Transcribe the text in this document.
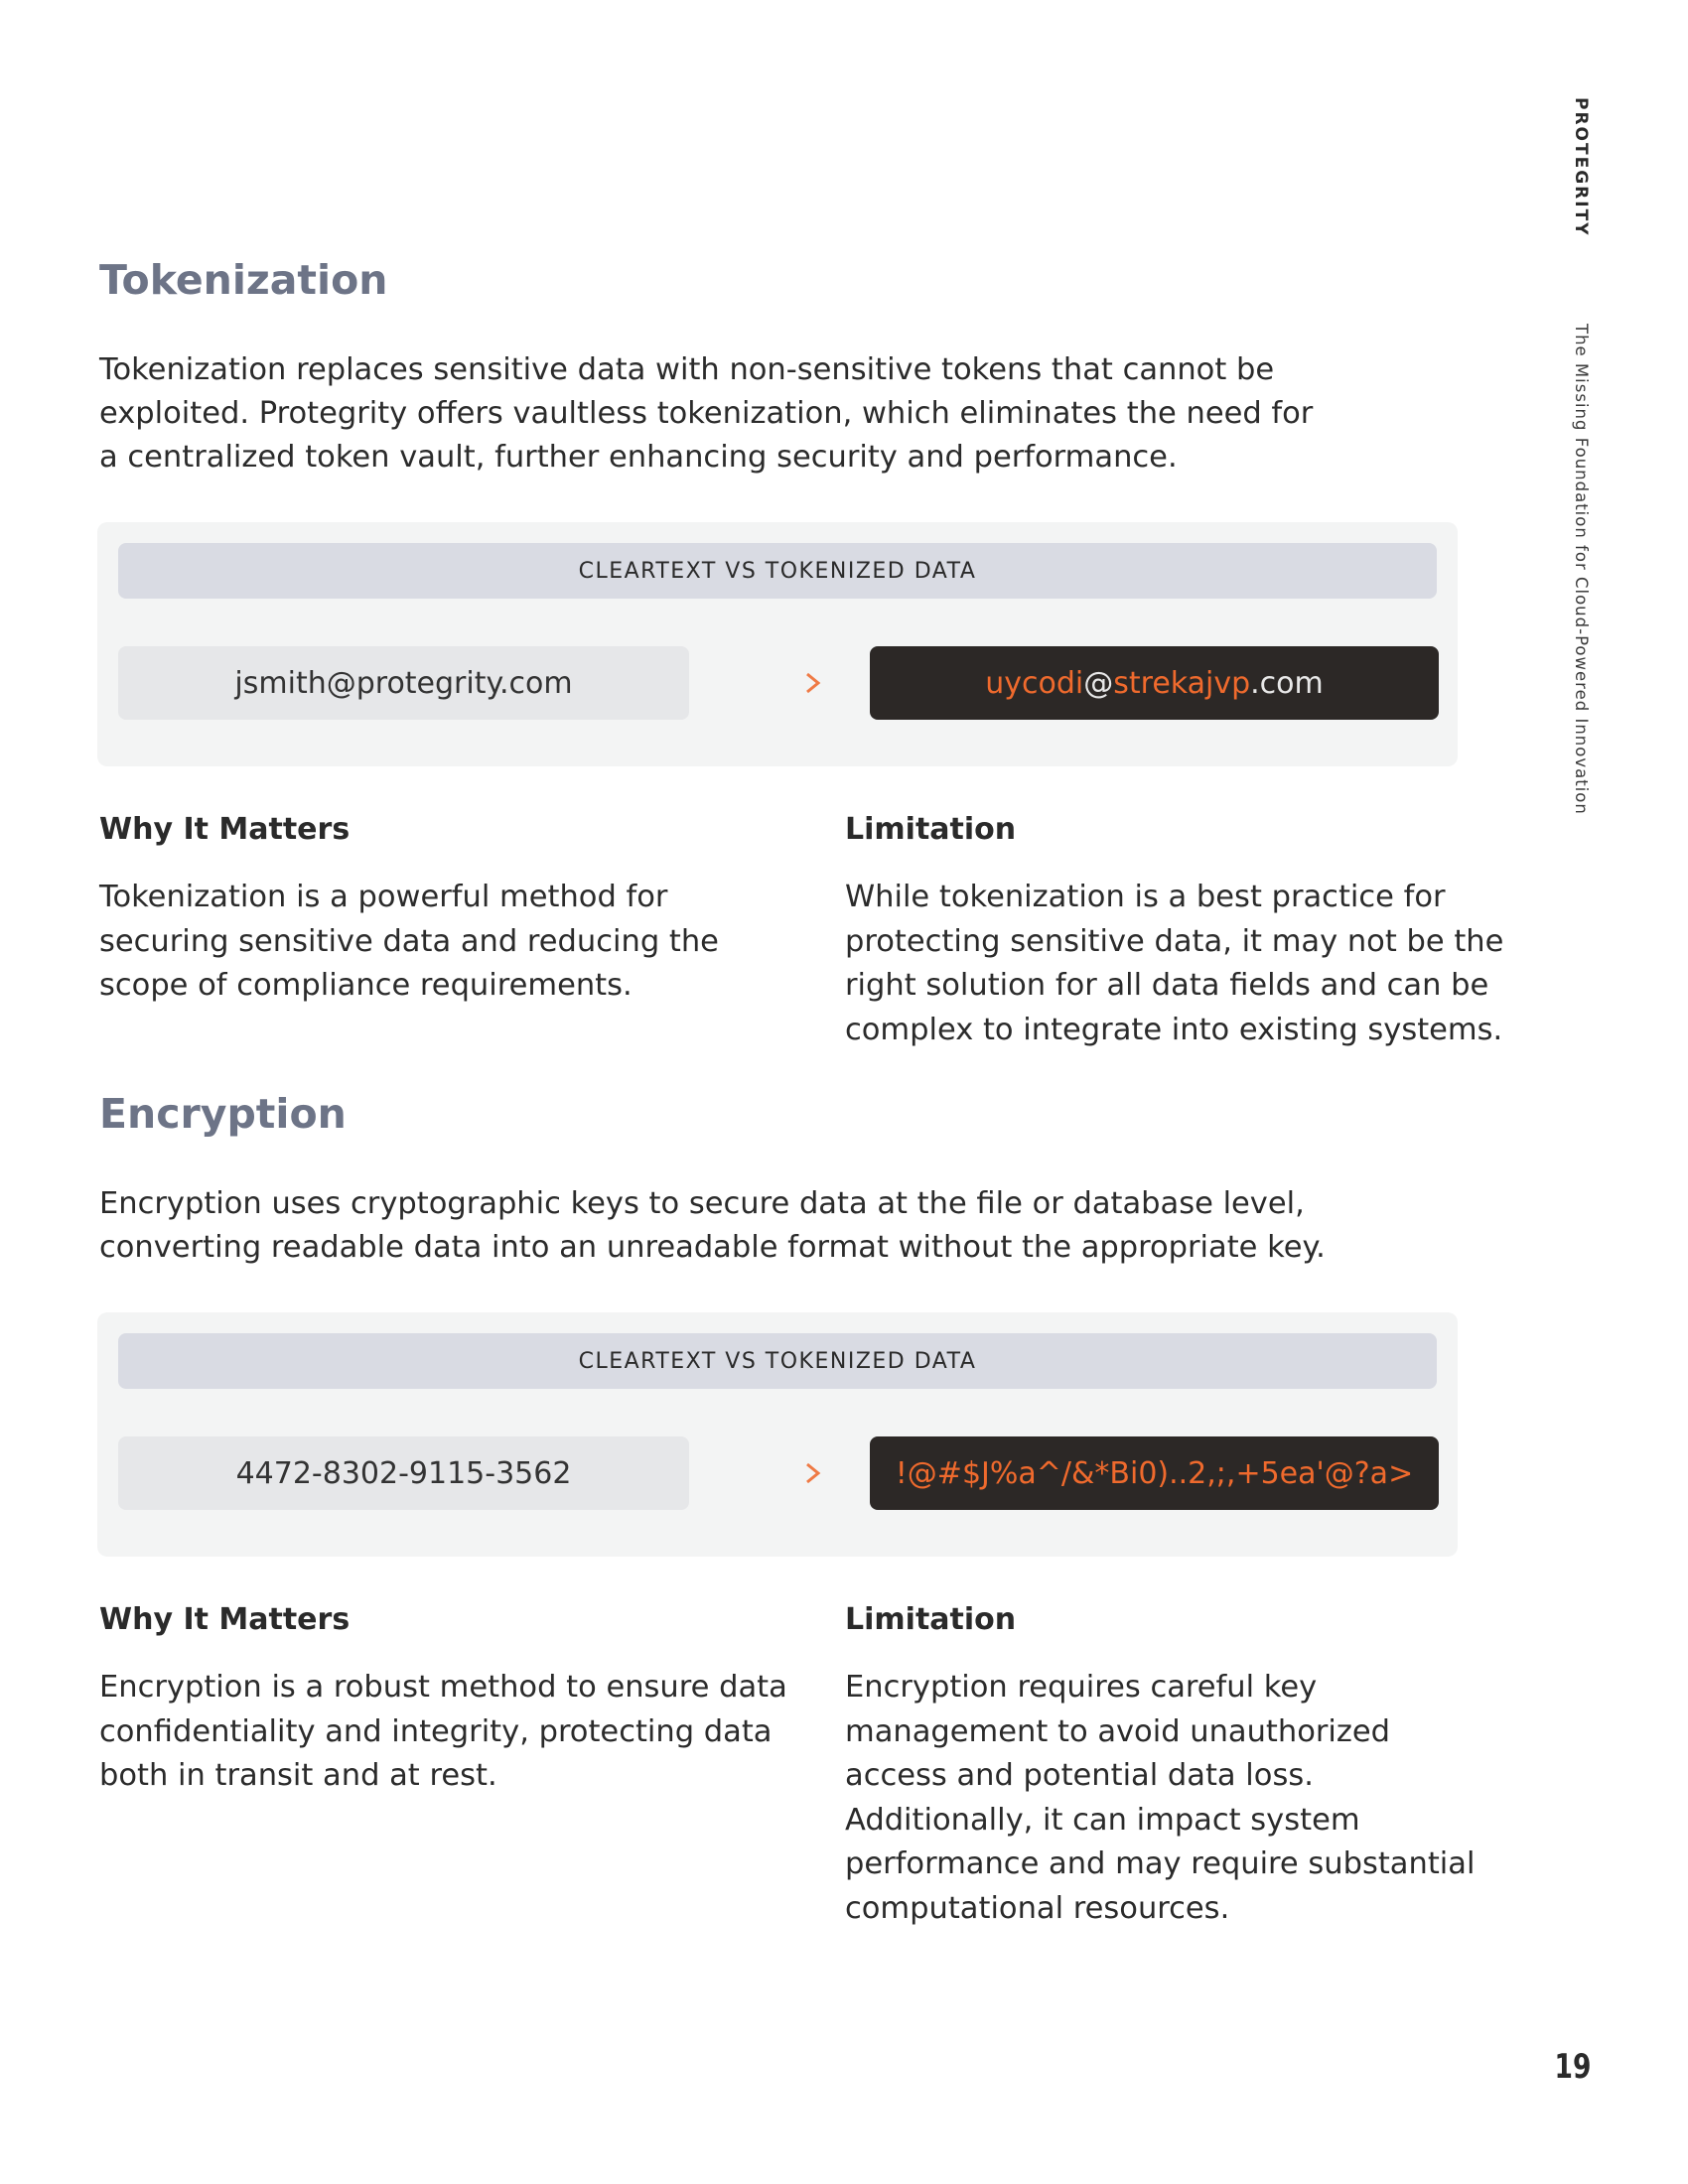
PROTEGRITY
The Missing Foundation for Cloud-Powered Innovation
Tokenization

Tokenization replaces sensitive data with non-sensitive tokens that cannot be
exploited. Protegrity offers vaultless tokenization, which eliminates the need for
a centralized token vault, further enhancing security and performance.

CLEARTEXT VS TOKENIZED DATA
jsmith@protegrity.com	uycodi @ strekajvp .com
Why It Matters

Tokenization is a powerful method for
securing sensitive data and reducing the
scope of compliance requirements.

Limitation

While tokenization is a best practice for
protecting sensitive data, it may not be the
right solution for all data fields and can be
complex to integrate into existing systems.

Encryption

Encryption uses cryptographic keys to secure data at the file or database level,
converting readable data into an unreadable format without the appropriate key.

CLEARTEXT VS TOKENIZED DATA
4472-8302-9115-3562	!@#$J%a^/&*Bi0)..2,;,+5ea'@?a>
Why It Matters

Encryption is a robust method to ensure data
confidentiality and integrity, protecting data
both in transit and at rest.

Limitation

Encryption requires careful key
management to avoid unauthorized
access and potential data loss.
Additionally, it can impact system
performance and may require substantial
computational resources.

19
